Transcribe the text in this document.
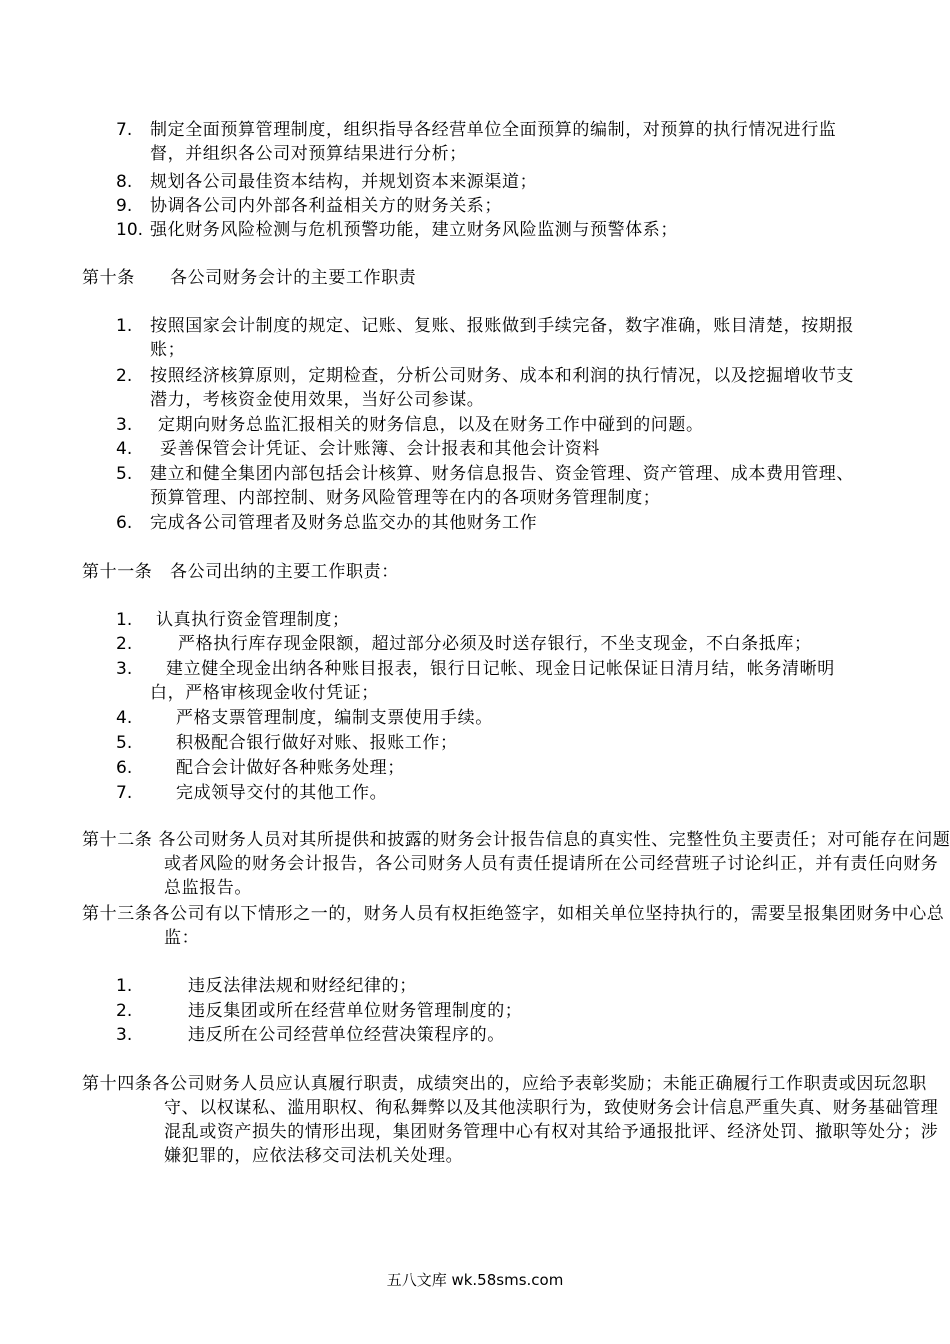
7. 制定全面预算管理制度，组织指导各经营单位全面预算的编制，对预算的执行情况进行监督，并组织各公司对预算结果进行分析；
8. 规划各公司最佳资本结构，并规划资本来源渠道；
9. 协调各公司内外部各利益相关方的财务关系；
10. 强化财务风险检测与危机预警功能，建立财务风险监测与预警体系；
第十条　　各公司财务会计的主要工作职责
1. 按照国家会计制度的规定、记账、复账、报账做到手续完备，数字准确，账目清楚，按期报账；
2. 按照经济核算原则，定期检查，分析公司财务、成本和利润的执行情况，以及挖掘增收节支潜力，考核资金使用效果，当好公司参谋。
3. 定期向财务总监汇报相关的财务信息，以及在财务工作中碰到的问题。
4. 妥善保管会计凭证、会计账簿、会计报表和其他会计资料
5. 建立和健全集团内部包括会计核算、财务信息报告、资金管理、资产管理、成本费用管理、预算管理、内部控制、财务风险管理等在内的各项财务管理制度；
6. 完成各公司管理者及财务总监交办的其他财务工作
第十一条　各公司出纳的主要工作职责：
1. 认真执行资金管理制度；
2.	严格执行库存现金限额，超过部分必须及时送存银行，不坐支现金，不白条抵库；
3.	建立健全现金出纳各种账目报表，银行日记帐、现金日记帐保证日清月结，帐务清晰明白，严格审核现金收付凭证；
4.	严格支票管理制度，编制支票使用手续。
5.	积极配合银行做好对账、报账工作；
6.	配合会计做好各种账务处理；
7.	完成领导交付的其他工作。
第十二条 各公司财务人员对其所提供和披露的财务会计报告信息的真实性、完整性负主要责任；对可能存在问题或者风险的财务会计报告，各公司财务人员有责任提请所在公司经营班子讨论纠正，并有责任向财务总监报告。
第十三条各公司有以下情形之一的，财务人员有权拒绝签字，如相关单位坚持执行的，需要呈报集团财务中心总监：
1.	违反法律法规和财经纪律的；
2.	违反集团或所在经营单位财务管理制度的；
3.	违反所在公司经营单位经营决策程序的。
第十四条各公司财务人员应认真履行职责，成绩突出的，应给予表彰奖励；未能正确履行工作职责或因玩忽职守、以权谋私、滥用职权、徇私舞弊以及其他渎职行为，致使财务会计信息严重失真、财务基础管理混乱或资产损失的情形出现，集团财务管理中心有权对其给予通报批评、经济处罚、撤职等处分；涉嫌犯罪的，应依法移交司法机关处理。
五八文库 wk.58sms.com
